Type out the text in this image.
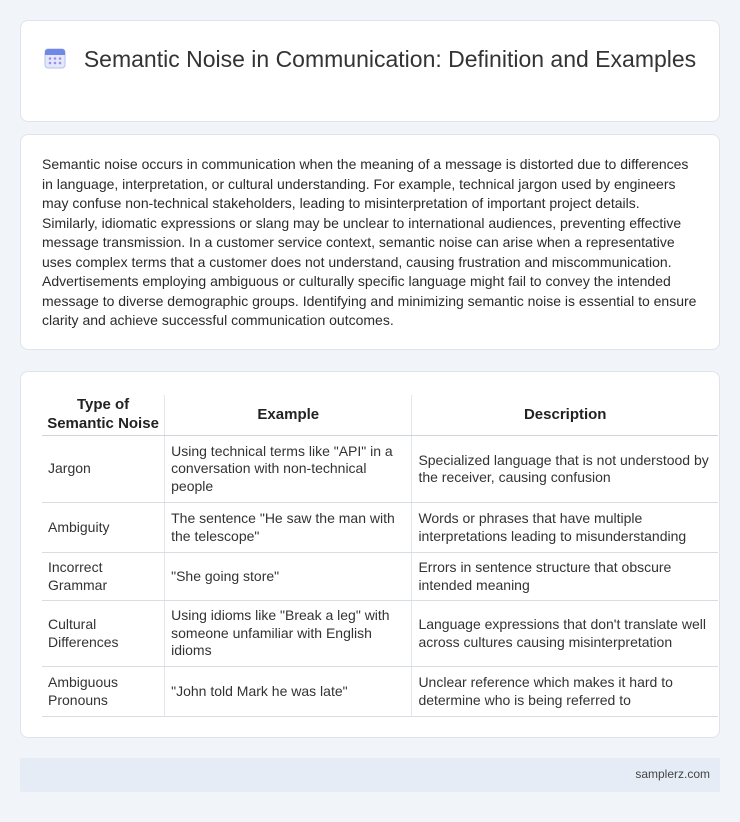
Semantic Noise in Communication: Definition and Examples

Semantic noise occurs in communication when the meaning of a message is distorted due to differences in language, interpretation, or cultural understanding. For example, technical jargon used by engineers may confuse non-technical stakeholders, leading to misinterpretation of important project details. Similarly, idiomatic expressions or slang may be unclear to international audiences, preventing effective message transmission. In a customer service context, semantic noise can arise when a representative uses complex terms that a customer does not understand, causing frustration and miscommunication. Advertisements employing ambiguous or culturally specific language might fail to convey the intended message to diverse demographic groups. Identifying and minimizing semantic noise is essential to ensure clarity and achieve successful communication outcomes.

Type of Semantic Noise	Example	Description
Jargon	Using technical terms like "API" in a conversation with non-technical people	Specialized language that is not understood by the receiver, causing confusion
Ambiguity	The sentence "He saw the man with the telescope"	Words or phrases that have multiple interpretations leading to misunderstanding
Incorrect Grammar	"She going store"	Errors in sentence structure that obscure intended meaning
Cultural Differences	Using idioms like "Break a leg" with someone unfamiliar with English idioms	Language expressions that don't translate well across cultures causing misinterpretation
Ambiguous Pronouns	"John told Mark he was late"	Unclear reference which makes it hard to determine who is being referred to
samplerz.com
